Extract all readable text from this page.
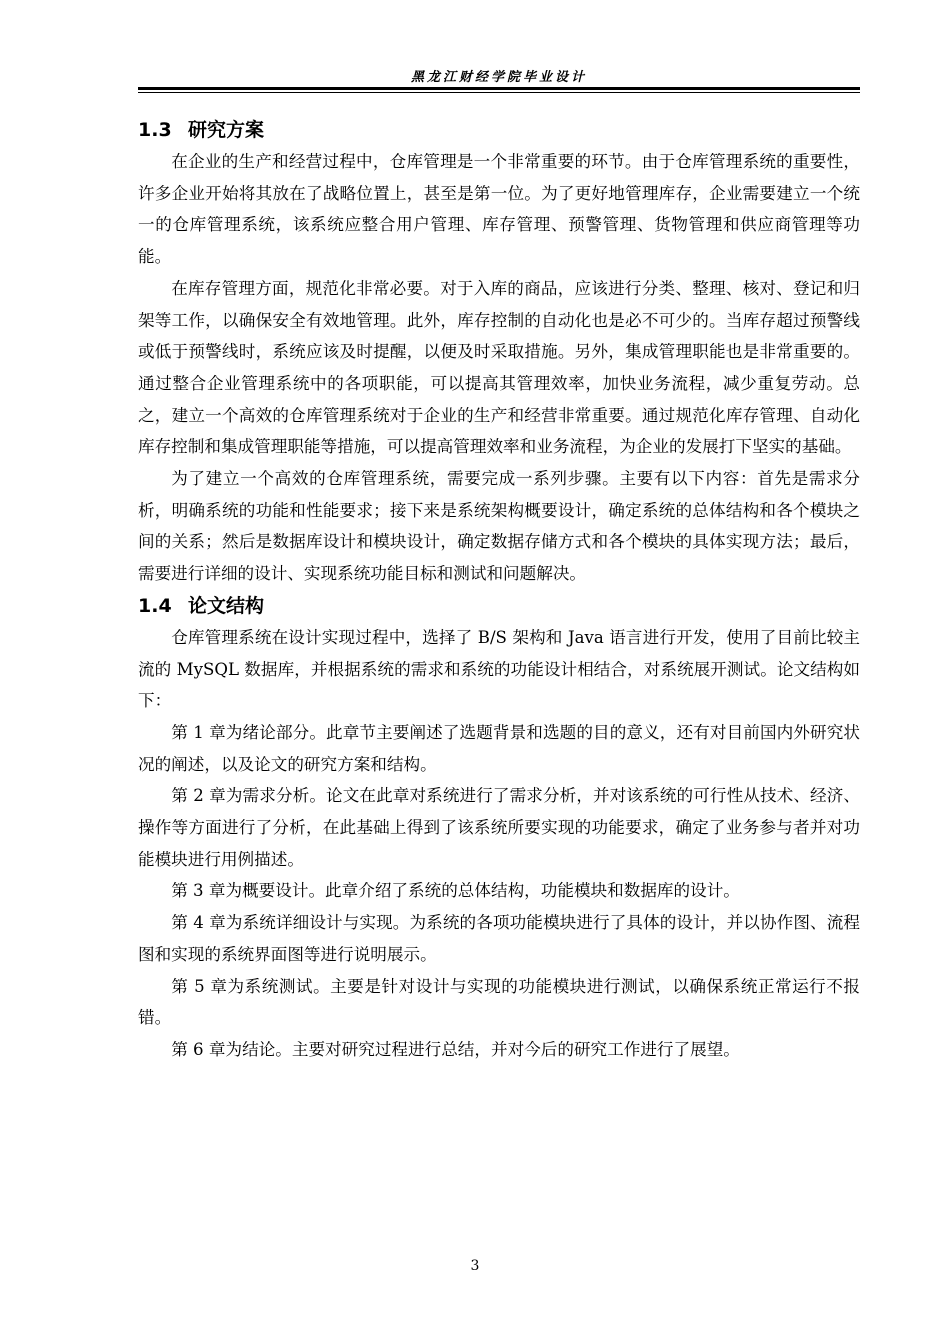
黑龙江财经学院毕业设计
1.3 研究方案

在企业的生产和经营过程中，仓库管理是一个非常重要的环节。由于仓库管理系统的重要性，许多企业开始将其放在了战略位置上，甚至是第一位。为了更好地管理库存，企业需要建立一个统一的仓库管理系统，该系统应整合用户管理、库存管理、预警管理、货物管理和供应商管理等功能。

在库存管理方面，规范化非常必要。对于入库的商品，应该进行分类、整理、核对、登记和归架等工作，以确保安全有效地管理。此外，库存控制的自动化也是必不可少的。当库存超过预警线或低于预警线时，系统应该及时提醒，以便及时采取措施。另外，集成管理职能也是非常重要的。通过整合企业管理系统中的各项职能，可以提高其管理效率，加快业务流程，减少重复劳动。总之，建立一个高效的仓库管理系统对于企业的生产和经营非常重要。通过规范化库存管理、自动化库存控制和集成管理职能等措施，可以提高管理效率和业务流程，为企业的发展打下坚实的基础。

为了建立一个高效的仓库管理系统，需要完成一系列步骤。主要有以下内容：首先是需求分析，明确系统的功能和性能要求；接下来是系统架构概要设计，确定系统的总体结构和各个模块之间的关系；然后是数据库设计和模块设计，确定数据存储方式和各个模块的具体实现方法；最后，需要进行详细的设计、实现系统功能目标和测试和问题解决。

1.4 论文结构

仓库管理系统在设计实现过程中，选择了 B/S 架构和 Java 语言进行开发，使用了目前比较主流的 MySQL 数据库，并根据系统的需求和系统的功能设计相结合，对系统展开测试。论文结构如下：

第 1 章为绪论部分。此章节主要阐述了选题背景和选题的目的意义，还有对目前国内外研究状况的阐述，以及论文的研究方案和结构。

第 2 章为需求分析。论文在此章对系统进行了需求分析，并对该系统的可行性从技术、经济、操作等方面进行了分析，在此基础上得到了该系统所要实现的功能要求，确定了业务参与者并对功能模块进行用例描述。

第 3 章为概要设计。此章介绍了系统的总体结构，功能模块和数据库的设计。

第 4 章为系统详细设计与实现。为系统的各项功能模块进行了具体的设计，并以协作图、流程图和实现的系统界面图等进行说明展示。

第 5 章为系统测试。主要是针对设计与实现的功能模块进行测试，以确保系统正常运行不报错。

第 6 章为结论。主要对研究过程进行总结，并对今后的研究工作进行了展望。

3
